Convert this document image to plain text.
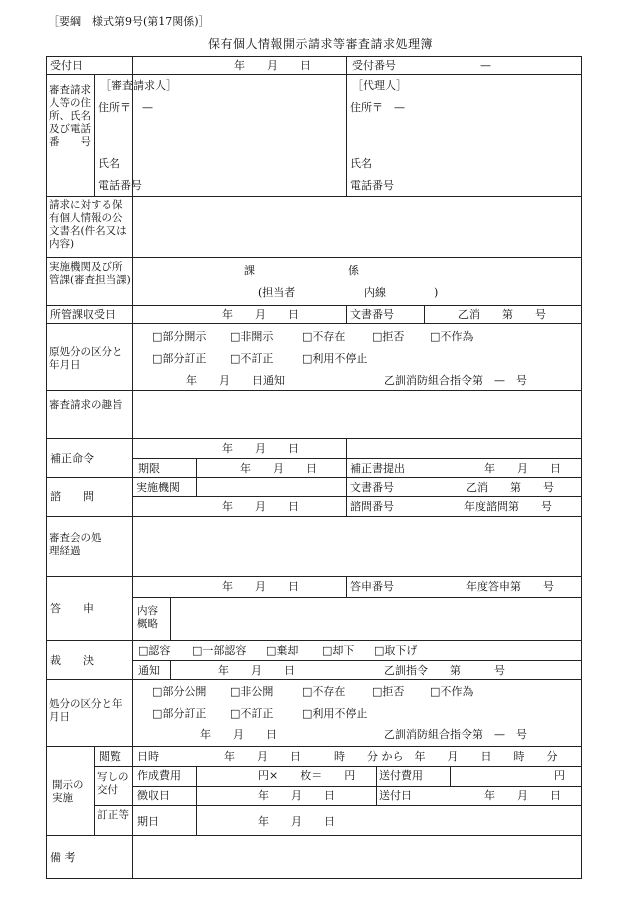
［要綱　様式第9号(第17関係)］
保有個人情報開示請求等審査請求処理簿
受付日	年　　月　　日	受付番号	—
審査請求人等の住所、氏名及び電話番号
［審査請求人］	［代理人］
住所〒　—	住所〒　—
氏名	氏名
電話番号	電話番号
請求に対する保有個人情報の公文書名(件名又は内容)
実施機関及び所管課(審査担当課)
課	係
(担当者	内線	)
所管課収受日	年　　月　　日	文書番号	乙消　　第　　号
原処分の区分と年月日
□部分開示 □非開示	□不存在 □拒否 □不作為
□部分訂正 □不訂正	□利用不停止
年　　月　　日通知	乙訓消防組合指令第　—　号
審査請求の趣旨
補正命令
年　　月　　日
期限	年　　月　　日	補正書提出	年　　月　　日
諮　　問
実施機関
年　　月　　日
文書番号	乙消　　第　　号
諮問番号	年度諮問第　　号
審査会の処理経過
答　　申
年　　月　　日	答申番号	年度答申第　　号
内容概略
裁　　決
□認容 □一部認容 □棄却 □却下 □取下げ
通知	年　　月　　日	乙訓指令　　第　　　号
処分の区分と年月日
□部分公開 □非公開	□不存在 □拒否 □不作為
□部分訂正 □不訂正	□利用不停止
年　　月　　日	乙訓消防組合指令第　—　号
開示の実施
閲覧 日時	年　　月　　日　　　時　　分 から　年　　月　　日　　時　　分
写しの交付
作成費用	円×　　枚＝　　円 送付費用	円
徴収日	年　　月　　日	送付日	年　　月　　日
訂正等 期日	年　　月　　日
備 考
